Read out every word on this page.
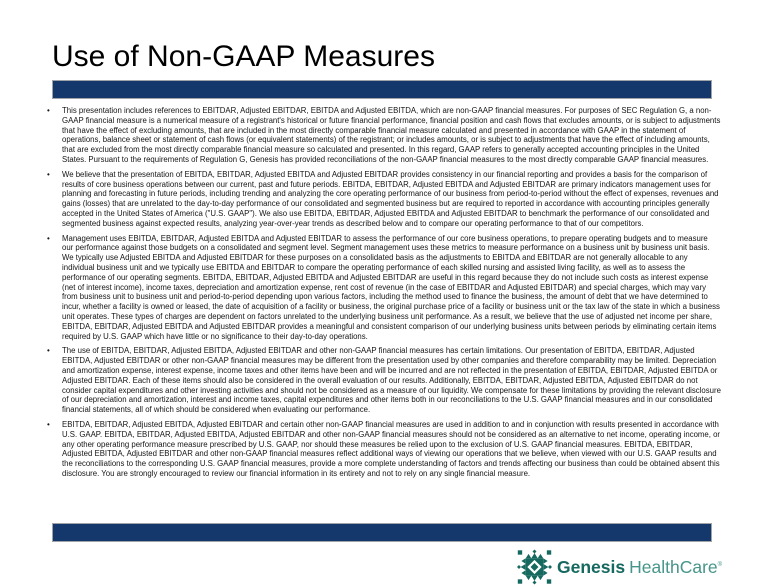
Use of Non-GAAP Measures
• This presentation includes references to EBITDAR, Adjusted EBITDAR, EBITDA and Adjusted EBITDA, which are non-GAAP financial measures. For purposes of SEC Regulation G, a non-GAAP financial measure is a numerical measure of a registrant's historical or future financial performance, financial position and cash flows that excludes amounts, or is subject to adjustments that have the effect of excluding amounts, that are included in the most directly comparable financial measure calculated and presented in accordance with GAAP in the statement of operations, balance sheet or statement of cash flows (or equivalent statements) of the registrant; or includes amounts, or is subject to adjustments that have the effect of including amounts, that are excluded from the most directly comparable financial measure so calculated and presented. In this regard, GAAP refers to generally accepted accounting principles in the United States. Pursuant to the requirements of Regulation G, Genesis has provided reconciliations of the non-GAAP financial measures to the most directly comparable GAAP financial measures.
• We believe that the presentation of EBITDA, EBITDAR, Adjusted EBITDA and Adjusted EBITDAR provides consistency in our financial reporting and provides a basis for the comparison of results of core business operations between our current, past and future periods. EBITDA, EBITDAR, Adjusted EBITDA and Adjusted EBITDAR are primary indicators management uses for planning and forecasting in future periods, including trending and analyzing the core operating performance of our business from period-to-period without the effect of expenses, revenues and gains (losses) that are unrelated to the day-to-day performance of our consolidated and segmented business but are required to reported in accordance with accounting principles generally accepted in the United States of America ("U.S. GAAP"). We also use EBITDA, EBITDAR, Adjusted EBITDA and Adjusted EBITDAR to benchmark the performance of our consolidated and segmented business against expected results, analyzing year-over-year trends as described below and to compare our operating performance to that of our competitors.
• Management uses EBITDA, EBITDAR, Adjusted EBITDA and Adjusted EBITDAR to assess the performance of our core business operations, to prepare operating budgets and to measure our performance against those budgets on a consolidated and segment level. Segment management uses these metrics to measure performance on a business unit by business unit basis. We typically use Adjusted EBITDA and Adjusted EBITDAR for these purposes on a consolidated basis as the adjustments to EBITDA and EBITDAR are not generally allocable to any individual business unit and we typically use EBITDA and EBITDAR to compare the operating performance of each skilled nursing and assisted living facility, as well as to assess the performance of our operating segments. EBITDA, EBITDAR, Adjusted EBITDA and Adjusted EBITDAR are useful in this regard because they do not include such costs as interest expense (net of interest income), income taxes, depreciation and amortization expense, rent cost of revenue (in the case of EBITDAR and Adjusted EBITDAR) and special charges, which may vary from business unit to business unit and period-to-period depending upon various factors, including the method used to finance the business, the amount of debt that we have determined to incur, whether a facility is owned or leased, the date of acquisition of a facility or business, the original purchase price of a facility or business unit or the tax law of the state in which a business unit operates. These types of charges are dependent on factors unrelated to the underlying business unit performance. As a result, we believe that the use of adjusted net income per share, EBITDA, EBITDAR, Adjusted EBITDA and Adjusted EBITDAR provides a meaningful and consistent comparison of our underlying business units between periods by eliminating certain items required by U.S. GAAP which have little or no significance to their day-to-day operations.
• The use of EBITDA, EBITDAR, Adjusted EBITDA, Adjusted EBITDAR and other non-GAAP financial measures has certain limitations. Our presentation of EBITDA, EBITDAR, Adjusted EBITDA, Adjusted EBITDAR or other non-GAAP financial measures may be different from the presentation used by other companies and therefore comparability may be limited. Depreciation and amortization expense, interest expense, income taxes and other items have been and will be incurred and are not reflected in the presentation of EBITDA, EBITDAR, Adjusted EBITDA or Adjusted EBITDAR. Each of these items should also be considered in the overall evaluation of our results. Additionally, EBITDA, EBITDAR, Adjusted EBITDA, Adjusted EBITDAR do not consider capital expenditures and other investing activities and should not be considered as a measure of our liquidity. We compensate for these limitations by providing the relevant disclosure of our depreciation and amortization, interest and income taxes, capital expenditures and other items both in our reconciliations to the U.S. GAAP financial measures and in our consolidated financial statements, all of which should be considered when evaluating our performance.
• EBITDA, EBITDAR, Adjusted EBITDA, Adjusted EBITDAR and certain other non-GAAP financial measures are used in addition to and in conjunction with results presented in accordance with U.S. GAAP. EBITDA, EBITDAR, Adjusted EBITDA, Adjusted EBITDAR and other non-GAAP financial measures should not be considered as an alternative to net income, operating income, or any other operating performance measure prescribed by U.S. GAAP, nor should these measures be relied upon to the exclusion of U.S. GAAP financial measures. EBITDA, EBITDAR, Adjusted EBITDA, Adjusted EBITDAR and other non-GAAP financial measures reflect additional ways of viewing our operations that we believe, when viewed with our U.S. GAAP results and the reconciliations to the corresponding U.S. GAAP financial measures, provide a more complete understanding of factors and trends affecting our business than could be obtained absent this disclosure. You are strongly encouraged to review our financial information in its entirety and not to rely on any single financial measure.
Genesis HealthCare®
